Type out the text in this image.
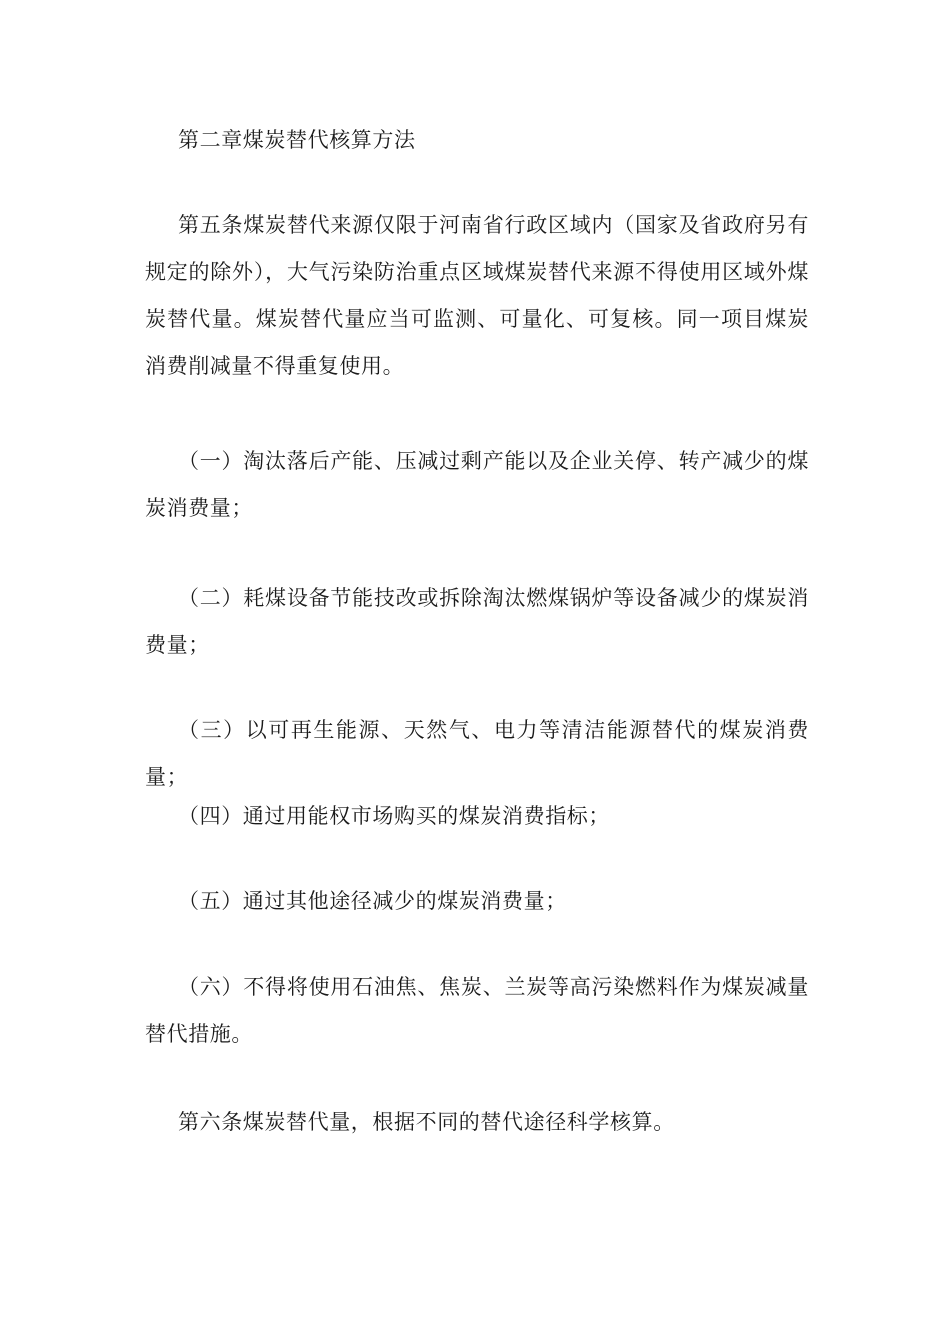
第二章煤炭替代核算方法

第五条煤炭替代来源仅限于河南省行政区域内（国家及省政府另有规定的除外），大气污染防治重点区域煤炭替代来源不得使用区域外煤炭替代量。煤炭替代量应当可监测、可量化、可复核。同一项目煤炭消费削减量不得重复使用。

（一）淘汰落后产能、压减过剩产能以及企业关停、转产减少的煤炭消费量；

（二）耗煤设备节能技改或拆除淘汰燃煤锅炉等设备减少的煤炭消费量；

（三）以可再生能源、天然气、电力等清洁能源替代的煤炭消费量；

（四）通过用能权市场购买的煤炭消费指标；

（五）通过其他途径减少的煤炭消费量；

（六）不得将使用石油焦、焦炭、兰炭等高污染燃料作为煤炭减量替代措施。

第六条煤炭替代量，根据不同的替代途径科学核算。
